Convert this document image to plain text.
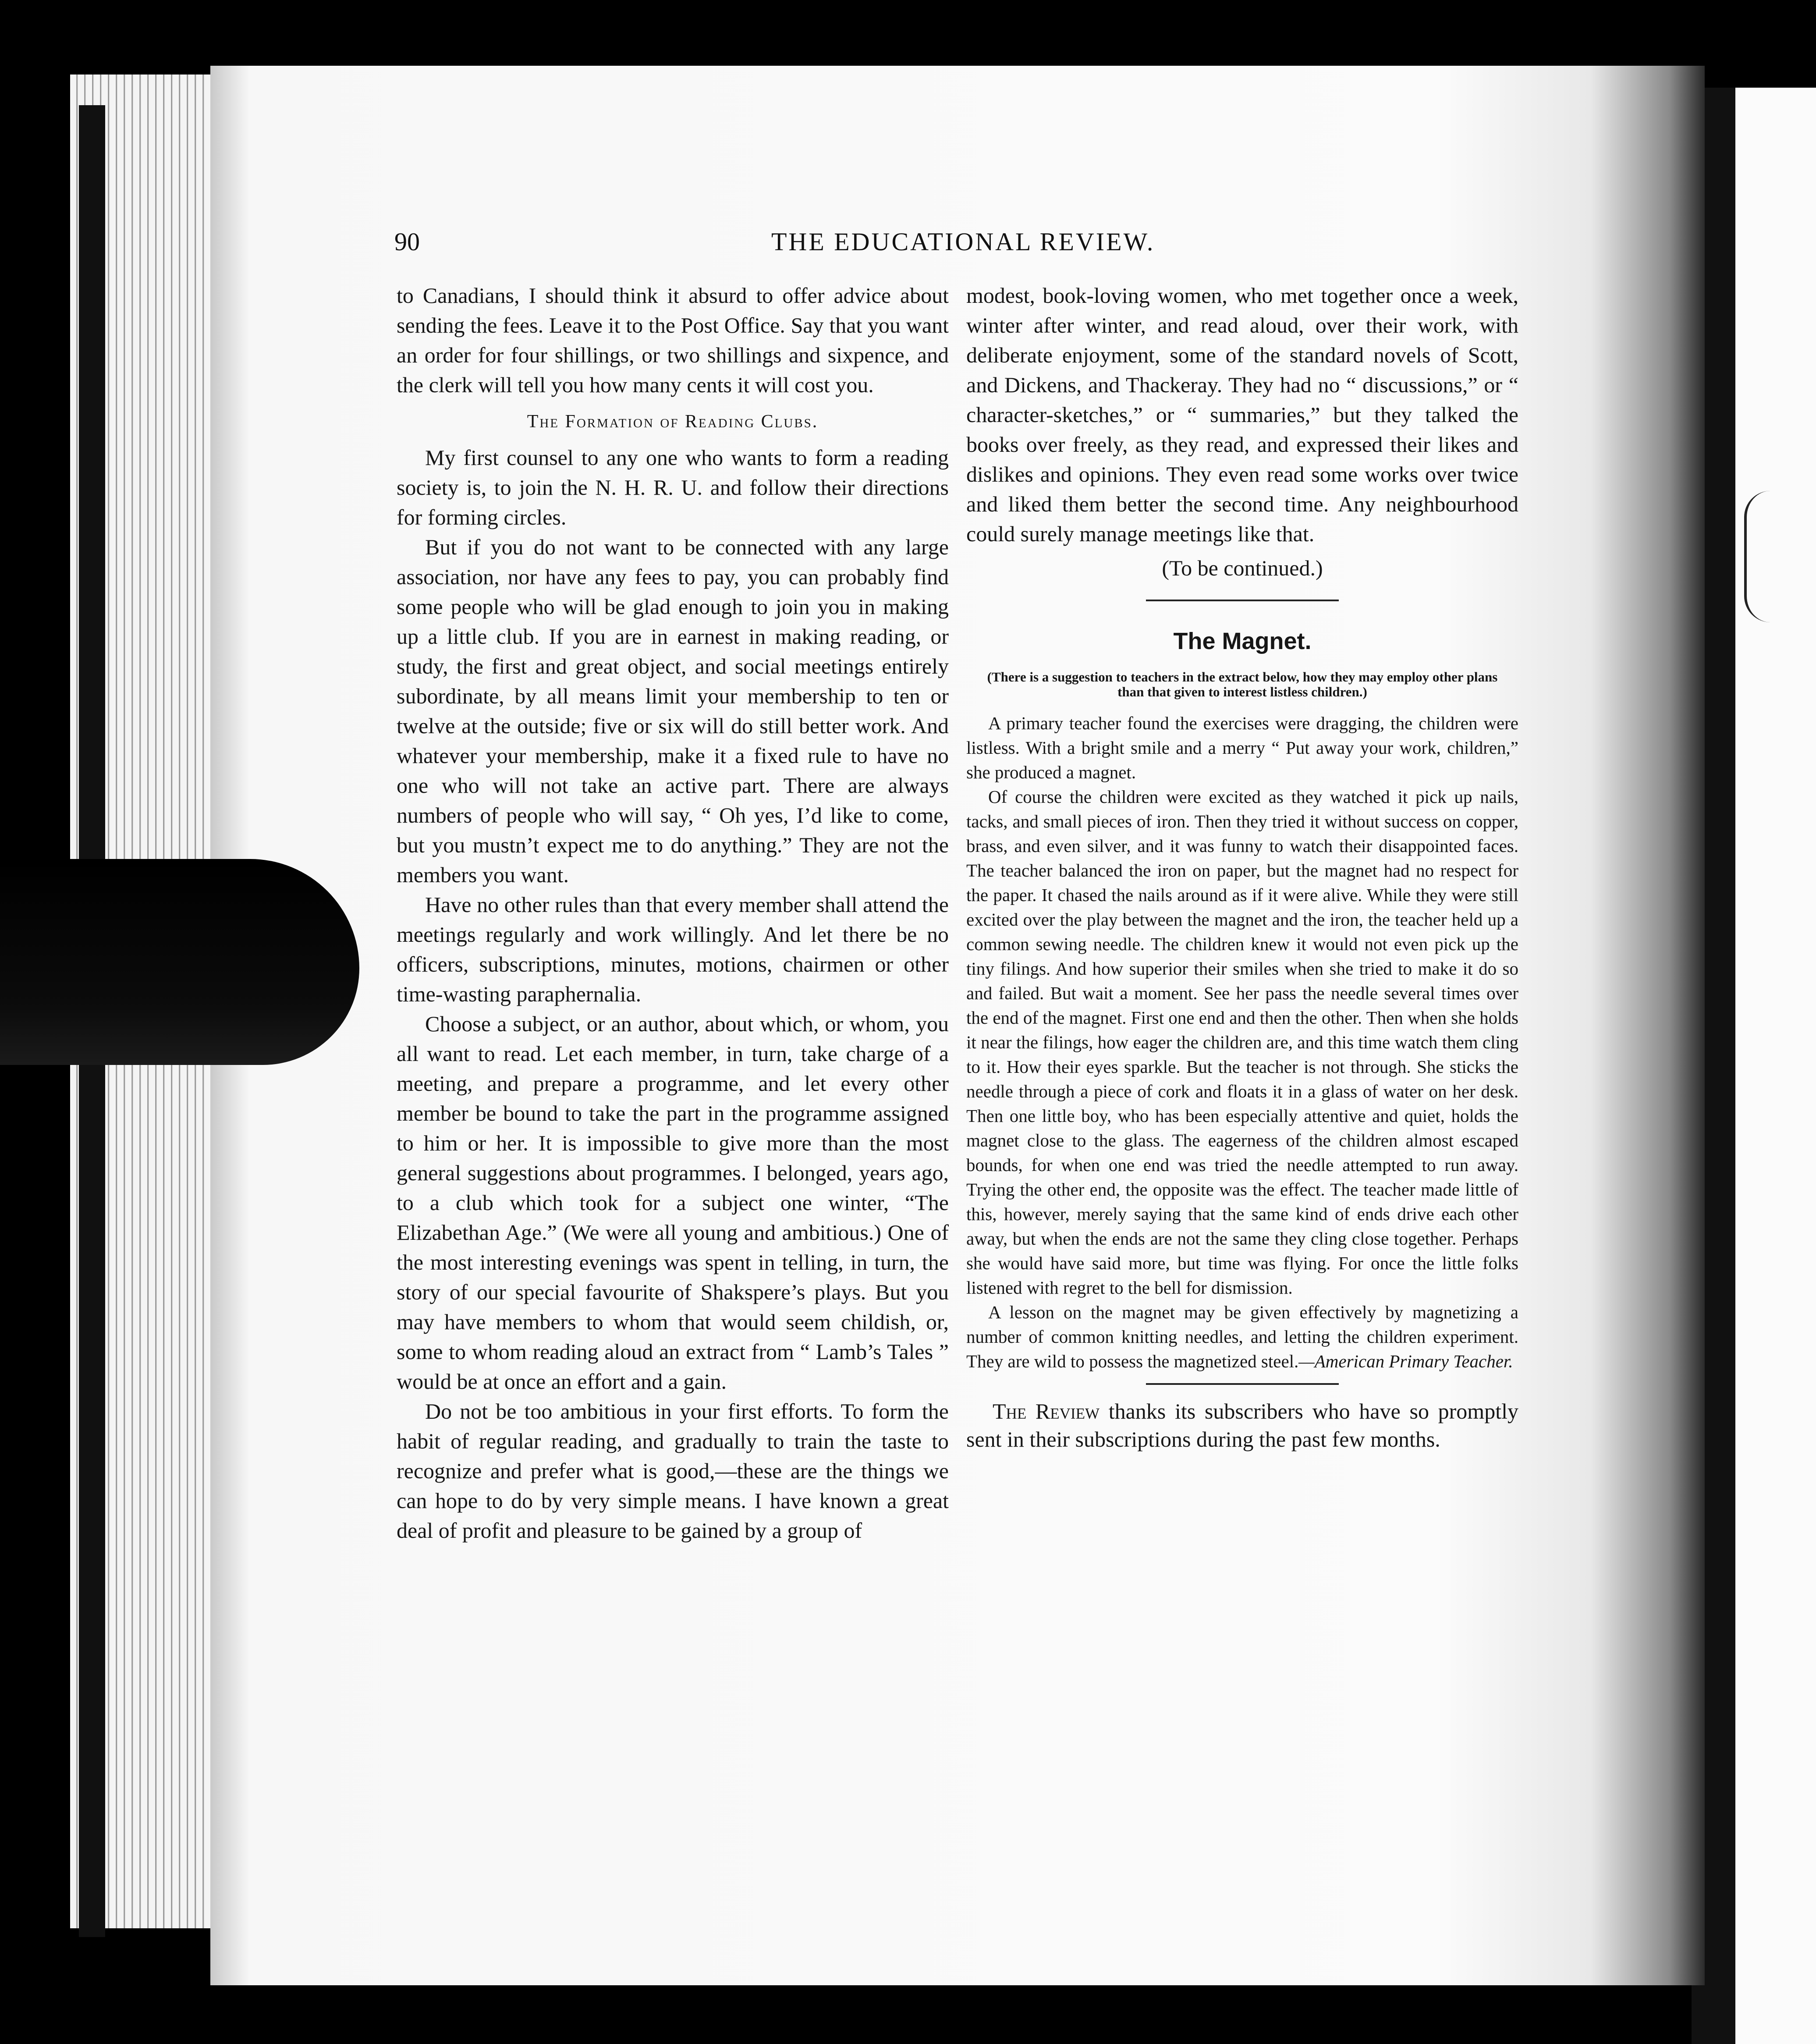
90	THE EDUCATIONAL REVIEW.

to Canadians, I should think it absurd to offer advice about sending the fees. Leave it to the Post Office. Say that you want an order for four shillings, or two shillings and sixpence, and the clerk will tell you how many cents it will cost you.

The Formation of Reading Clubs.

My first counsel to any one who wants to form a reading society is, to join the N. H. R. U. and follow their directions for forming circles.

But if you do not want to be connected with any large association, nor have any fees to pay, you can probably find some people who will be glad enough to join you in making up a little club. If you are in earnest in making reading, or study, the first and great object, and social meetings entirely subordinate, by all means limit your membership to ten or twelve at the outside; five or six will do still better work. And whatever your membership, make it a fixed rule to have no one who will not take an active part. There are always numbers of people who will say, “ Oh yes, I’d like to come, but you mustn’t expect me to do anything.” They are not the members you want.

Have no other rules than that every member shall attend the meetings regularly and work willingly. And let there be no officers, subscriptions, minutes, motions, chairmen or other time-wasting paraphernalia.

Choose a subject, or an author, about which, or whom, you all want to read. Let each member, in turn, take charge of a meeting, and prepare a programme, and let every other member be bound to take the part in the programme assigned to him or her. It is impossible to give more than the most general suggestions about programmes. I belonged, years ago, to a club which took for a subject one winter, “The Elizabethan Age.” (We were all young and ambitious.) One of the most interesting evenings was spent in telling, in turn, the story of our special favourite of Shakspere’s plays. But you may have members to whom that would seem childish, or, some to whom reading aloud an extract from “ Lamb’s Tales ” would be at once an effort and a gain.

Do not be too ambitious in your first efforts. To form the habit of regular reading, and gradually to train the taste to recognize and prefer what is good,—these are the things we can hope to do by very simple means. I have known a great deal of profit and pleasure to be gained by a group of

modest, book-loving women, who met together once a week, winter after winter, and read aloud, over their work, with deliberate enjoyment, some of the standard novels of Scott, and Dickens, and Thackeray. They had no “ discussions,” or “ character-sketches,” or “ summaries,” but they talked the books over freely, as they read, and expressed their likes and dislikes and opinions. They even read some works over twice and liked them better the second time. Any neighbourhood could surely manage meetings like that.

(To be continued.)
The Magnet.
(There is a suggestion to teachers in the extract below, how they may employ other plans than that given to interest listless children.)

A primary teacher found the exercises were dragging, the children were listless. With a bright smile and a merry “ Put away your work, children,” she produced a magnet.

Of course the children were excited as they watched it pick up nails, tacks, and small pieces of iron. Then they tried it without success on copper, brass, and even silver, and it was funny to watch their disappointed faces. The teacher balanced the iron on paper, but the magnet had no respect for the paper. It chased the nails around as if it were alive. While they were still excited over the play between the magnet and the iron, the teacher held up a common sewing needle. The children knew it would not even pick up the tiny filings. And how superior their smiles when she tried to make it do so and failed. But wait a moment. See her pass the needle several times over the end of the magnet. First one end and then the other. Then when she holds it near the filings, how eager the children are, and this time watch them cling to it. How their eyes sparkle. But the teacher is not through. She sticks the needle through a piece of cork and floats it in a glass of water on her desk. Then one little boy, who has been especially attentive and quiet, holds the magnet close to the glass. The eagerness of the children almost escaped bounds, for when one end was tried the needle attempted to run away. Trying the other end, the opposite was the effect. The teacher made little of this, however, merely saying that the same kind of ends drive each other away, but when the ends are not the same they cling close together. Perhaps she would have said more, but time was flying. For once the little folks listened with regret to the bell for dismission.

A lesson on the magnet may be given effectively by magnetizing a number of common knitting needles, and letting the children experiment. They are wild to possess the magnetized steel.—American Primary Teacher.

The Review thanks its subscribers who have so promptly sent in their subscriptions during the past few months.
